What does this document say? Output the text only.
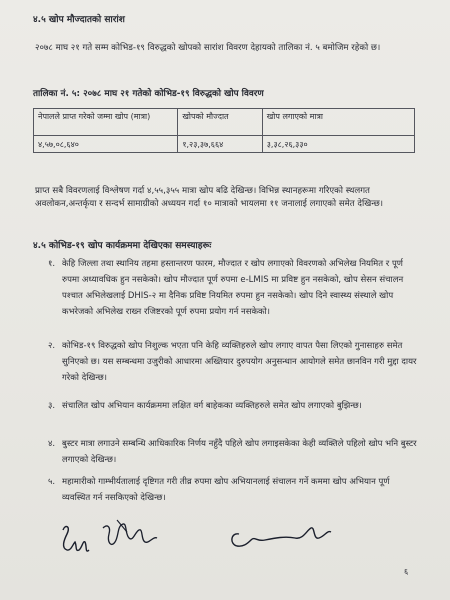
४.५ खोप मौज्दातको सारांश
२०७८ माघ २१ गते सम्म कोभिड-१९ विरुद्धको खोपको सारांश विवरण देहायको तालिका नं. ५ बमोजिम रहेको छ।
तालिका नं. ५: २०७८ माघ २१ गतेको कोभिड-१९ विरुद्धको खोप विवरण
नेपालले प्राप्त गरेको जम्मा खोप (मात्रा)	खोपको मौज्दात	खोप लगाएको मात्रा
४,५७,०८,६४०	१,२३,३७,६६४	३,३८,२६,३३०
प्राप्त सबै विवरणलाई विश्लेषण गर्दा ४,५५,३५५ मात्रा खोप बढि देखिन्छ। विभिन्न स्थानहरूमा गरिएको स्थलगत अवलोकन,अन्तर्कृया र सन्दर्भ सामाग्रीको अध्ययन गर्दा १० मात्राको भायलमा ११ जनालाई लगाएको समेत देखिन्छ।
४.५ कोभिड-१९ खोप कार्यक्रममा देखिएका समस्याहरूः
१. केहि जिल्ला तथा स्थानिय तहमा हस्तान्तरण फारम, मौज्दात र खोप लगाएको विवरणको अभिलेख नियमित र पूर्ण रुपमा अध्यावधिक हुन नसकेको। खोप मौज्दात पूर्ण रुपमा e-LMIS मा प्रविष्ट हुन नसकेको, खोप सेसन संचालन पश्चात अभिलेखलाई DHIS-२ मा दैनिक प्रविष्ट नियमित रुपमा हुन नसकेको। खोप दिने स्वास्थ्य संस्थाले खोप कभरेजको अभिलेख राख्न रजिष्टरको पूर्ण रुपमा प्रयोग गर्न नसकेको।
२. कोभिड-१९ विरुद्धको खोप निशुल्क भएता पनि केहि व्यक्तिहरुले खोप लगाए वापत पैसा लिएको गुनासाहरु समेत सुनिएको छ। यस सम्बन्धमा उजुरीको आधारमा अख्तियार दुरुपयोग अनुसन्धान आयोगले समेत छानविन गरी मुद्दा दायर गरेको देखिन्छ।
३. संचालित खोप अभियान कार्यक्रममा लक्षित वर्ग बाहेकका व्यक्तिहरुले समेत खोप लगाएको बुझिन्छ।
४. बुस्टर मात्रा लगाउने सम्बन्धि आधिकारिक निर्णय नहुँदै पहिले खोप लगाइसकेका केही व्यक्तिले पहिलो खोप भनि बुस्टर लगाएको देखिन्छ।
५. महामारीको गाम्भीर्यतालाई दृष्टिगत गरी तीव्र रुपमा खोप अभियानलाई संचालन गर्ने कममा खोप अभियान पूर्ण व्यवस्थित गर्न नसकिएको देखिन्छ।
६
